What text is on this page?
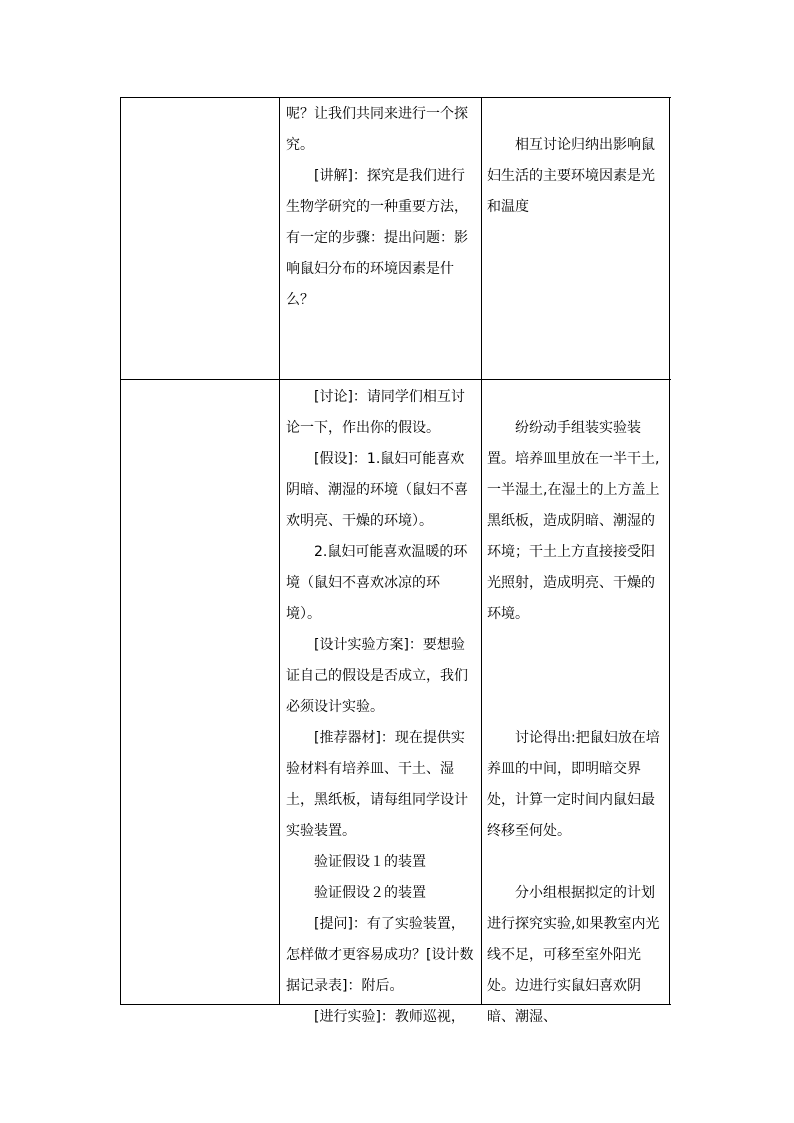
呢？让我们共同来进行一个探究。

[讲解]：探究是我们进行生物学研究的一种重要方法，有一定的步骤：提出问题：影响鼠妇分布的环境因素是什么？

相互讨论归纳出影响鼠妇生活的主要环境因素是光和温度

[讨论]：请同学们相互讨论一下，作出你的假设。

[假设]：1.鼠妇可能喜欢阴暗、潮湿的环境（鼠妇不喜欢明亮、干燥的环境）。

2.鼠妇可能喜欢温暖的环境（鼠妇不喜欢冰凉的环境）。

[设计实验方案]：要想验证自己的假设是否成立，我们必须设计实验。

[推荐器材]：现在提供实验材料有培养皿、干土、湿土，黑纸板，请每组同学设计实验装置。

验证假设１的装置

验证假设２的装置

[提问]：有了实验装置，怎样做才更容易成功？[设计数据记录表]：附后。

[进行实验]：教师巡视，

纷纷动手组装实验装置。培养皿里放在一半干土,一半湿土,在湿土的上方盖上黑纸板，造成阴暗、潮湿的环境；干土上方直接接受阳光照射，造成明亮、干燥的环境。

讨论得出:把鼠妇放在培养皿的中间，即明暗交界处，计算一定时间内鼠妇最终移至何处。

分小组根据拟定的计划进行探究实验,如果教室内光线不足，可移至室外阳光处。边进行实鼠妇喜欢阴暗、潮湿、
